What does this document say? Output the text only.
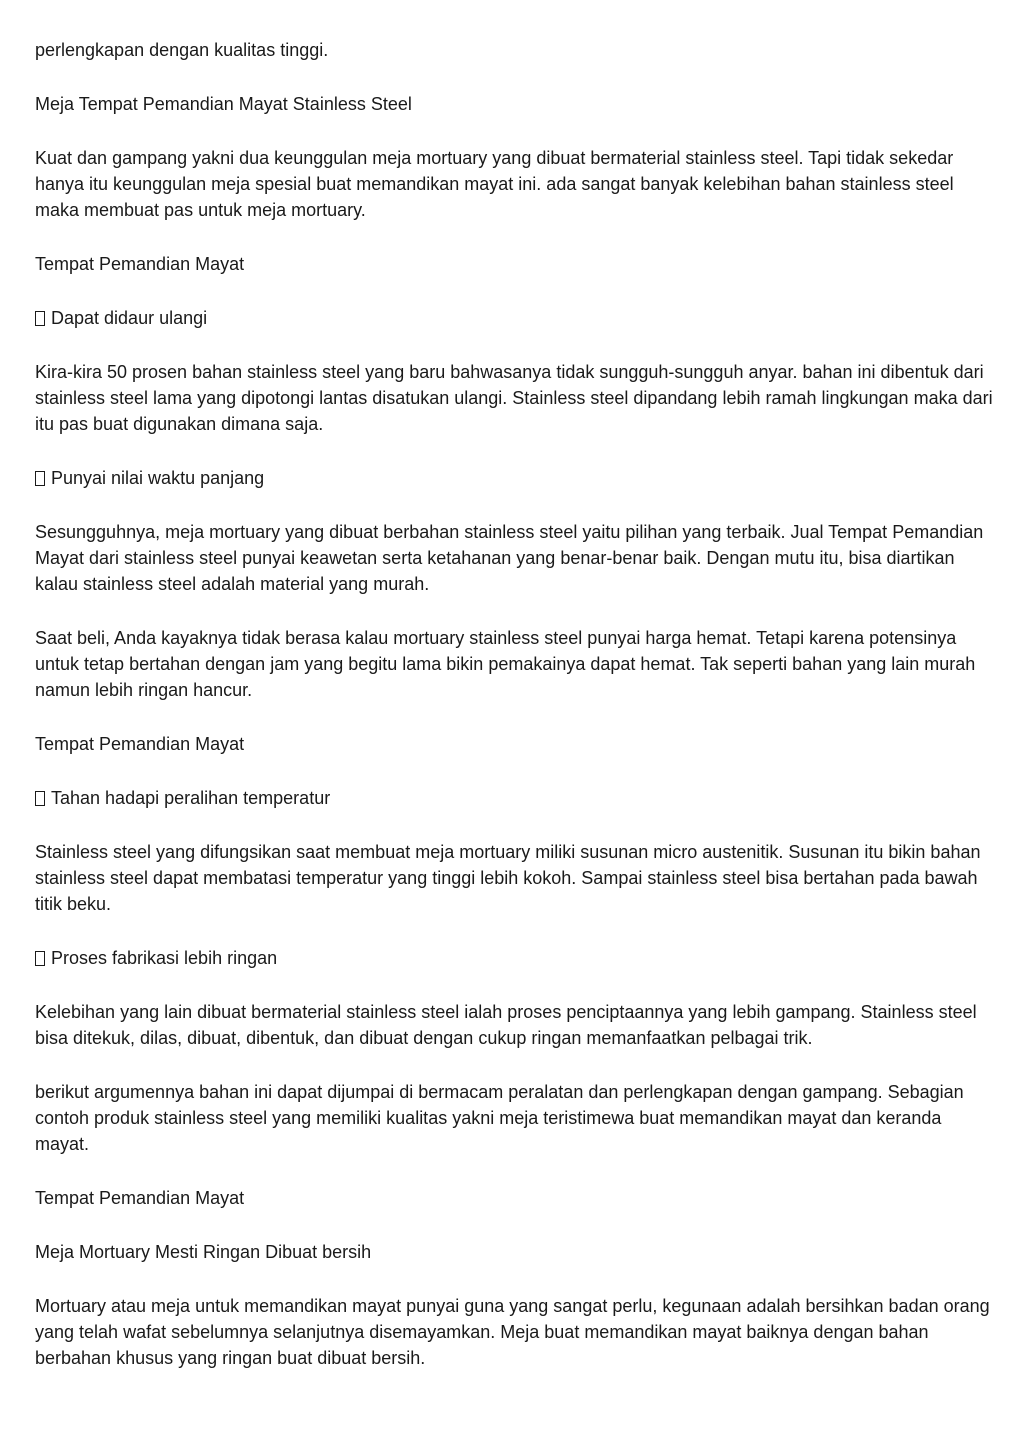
perlengkapan dengan kualitas tinggi.

Meja Tempat Pemandian Mayat Stainless Steel

Kuat dan gampang yakni dua keunggulan meja mortuary yang dibuat bermaterial stainless steel. Tapi tidak sekedar hanya itu keunggulan meja spesial buat memandikan mayat ini. ada sangat banyak kelebihan bahan stainless steel maka membuat pas untuk meja mortuary.

Tempat Pemandian Mayat

Dapat didaur ulangi

Kira-kira 50 prosen bahan stainless steel yang baru bahwasanya tidak sungguh-sungguh anyar. bahan ini dibentuk dari stainless steel lama yang dipotongi lantas disatukan ulangi. Stainless steel dipandang lebih ramah lingkungan maka dari itu pas buat digunakan dimana saja.

Punyai nilai waktu panjang

Sesungguhnya, meja mortuary yang dibuat berbahan stainless steel yaitu pilihan yang terbaik. Jual Tempat Pemandian Mayat dari stainless steel punyai keawetan serta ketahanan yang benar-benar baik. Dengan mutu itu, bisa diartikan kalau stainless steel adalah material yang murah.

Saat beli, Anda kayaknya tidak berasa kalau mortuary stainless steel punyai harga hemat. Tetapi karena potensinya untuk tetap bertahan dengan jam yang begitu lama bikin pemakainya dapat hemat. Tak seperti bahan yang lain murah namun lebih ringan hancur.

Tempat Pemandian Mayat

Tahan hadapi peralihan temperatur

Stainless steel yang difungsikan saat membuat meja mortuary miliki susunan micro austenitik. Susunan itu bikin bahan stainless steel dapat membatasi temperatur yang tinggi lebih kokoh. Sampai stainless steel bisa bertahan pada bawah titik beku.

Proses fabrikasi lebih ringan

Kelebihan yang lain dibuat bermaterial stainless steel ialah proses penciptaannya yang lebih gampang. Stainless steel bisa ditekuk, dilas, dibuat, dibentuk, dan dibuat dengan cukup ringan memanfaatkan pelbagai trik.

berikut argumennya bahan ini dapat dijumpai di bermacam peralatan dan perlengkapan dengan gampang. Sebagian contoh produk stainless steel yang memiliki kualitas yakni meja teristimewa buat memandikan mayat dan keranda mayat.

Tempat Pemandian Mayat

Meja Mortuary Mesti Ringan Dibuat bersih

Mortuary atau meja untuk memandikan mayat punyai guna yang sangat perlu, kegunaan adalah bersihkan badan orang yang telah wafat sebelumnya selanjutnya disemayamkan. Meja buat memandikan mayat baiknya dengan bahan berbahan khusus yang ringan buat dibuat bersih.
